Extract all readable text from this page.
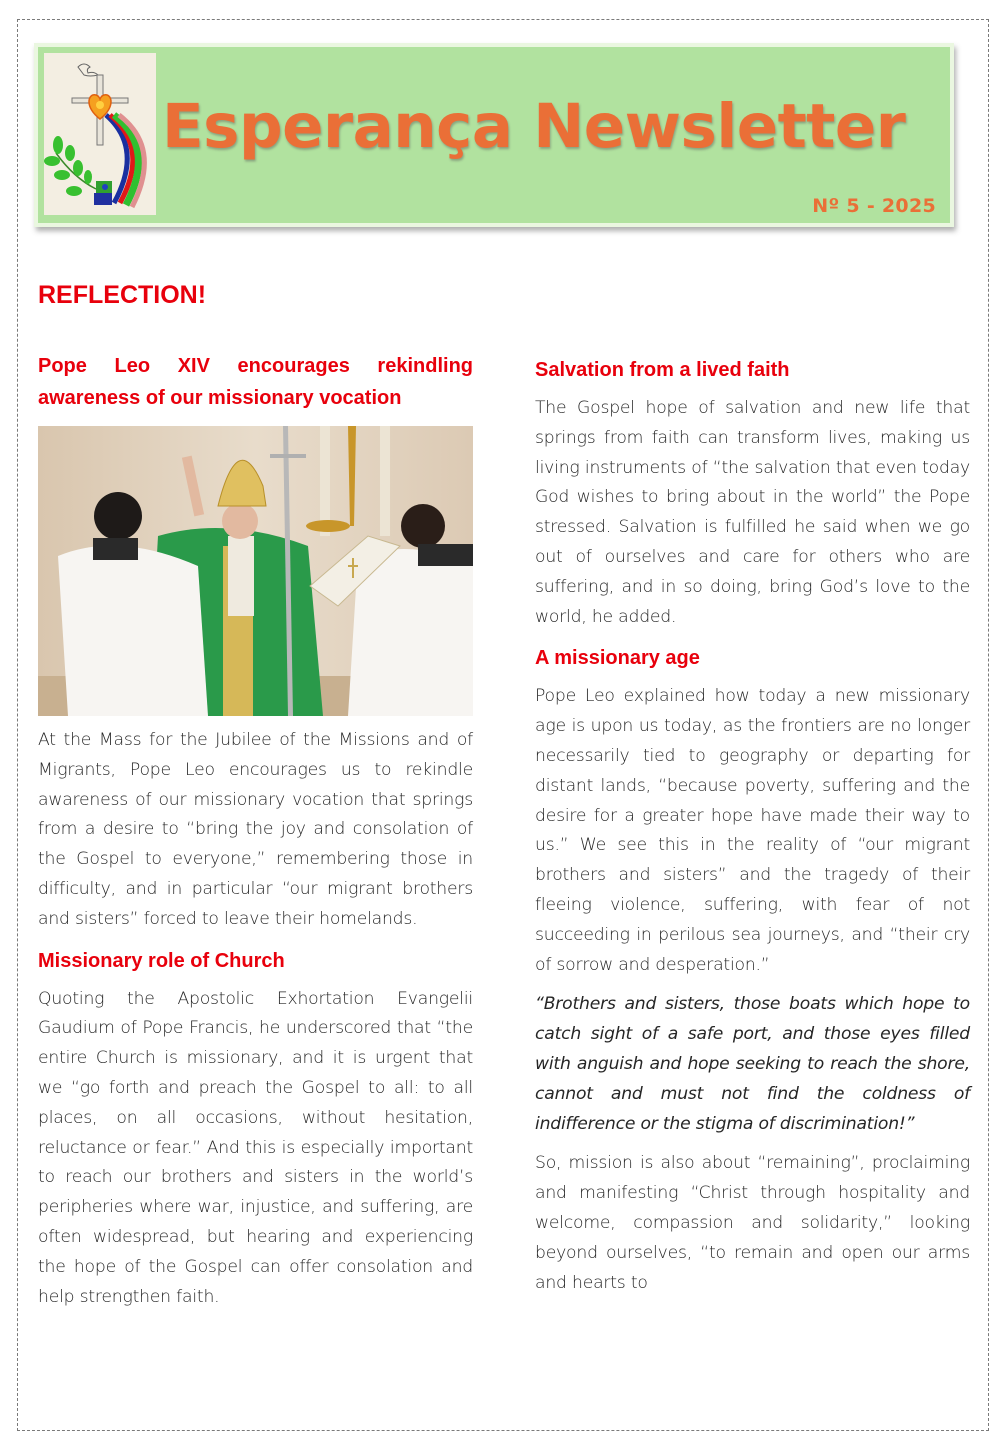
Esperança Newsletter
Nº 5 - 2025
REFLECTION!
Pope Leo XIV encourages rekindling awareness of our missionary vocation

At the Mass for the Jubilee of the Missions and of Migrants, Pope Leo encourages us to rekindle awareness of our missionary vocation that springs from a desire to “bring the joy and consolation of the Gospel to everyone,” remembering those in difficulty, and in particular “our migrant brothers and sisters” forced to leave their homelands.

Missionary role of Church

Quoting the Apostolic Exhortation Evangelii Gaudium of Pope Francis, he underscored that “the entire Church is missionary, and it is urgent that we “go forth and preach the Gospel to all: to all places, on all occasions, without hesitation, reluctance or fear.” And this is especially important to reach our brothers and sisters in the world’s peripheries where war, injustice, and suffering, are often widespread, but hearing and experiencing the hope of the Gospel can offer consolation and help strengthen faith.

Salvation from a lived faith

The Gospel hope of salvation and new life that springs from faith can transform lives, making us living instruments of “the salvation that even today God wishes to bring about in the world” the Pope stressed. Salvation is fulfilled he said when we go out of ourselves and care for others who are suffering, and in so doing, bring God’s love to the world, he added.

A missionary age

Pope Leo explained how today a new missionary age is upon us today, as the frontiers are no longer necessarily tied to geography or departing for distant lands, “because poverty, suffering and the desire for a greater hope have made their way to us.” We see this in the reality of “our migrant brothers and sisters” and the tragedy of their fleeing violence, suffering, with fear of not succeeding in perilous sea journeys, and “their cry of sorrow and desperation.”

“Brothers and sisters, those boats which hope to catch sight of a safe port, and those eyes filled with anguish and hope seeking to reach the shore, cannot and must not find the coldness of indifference or the stigma of discrimination!”

So, mission is also about “remaining”, proclaiming and manifesting “Christ through hospitality and welcome, compassion and solidarity,” looking beyond ourselves, “to remain and open our arms and hearts to
